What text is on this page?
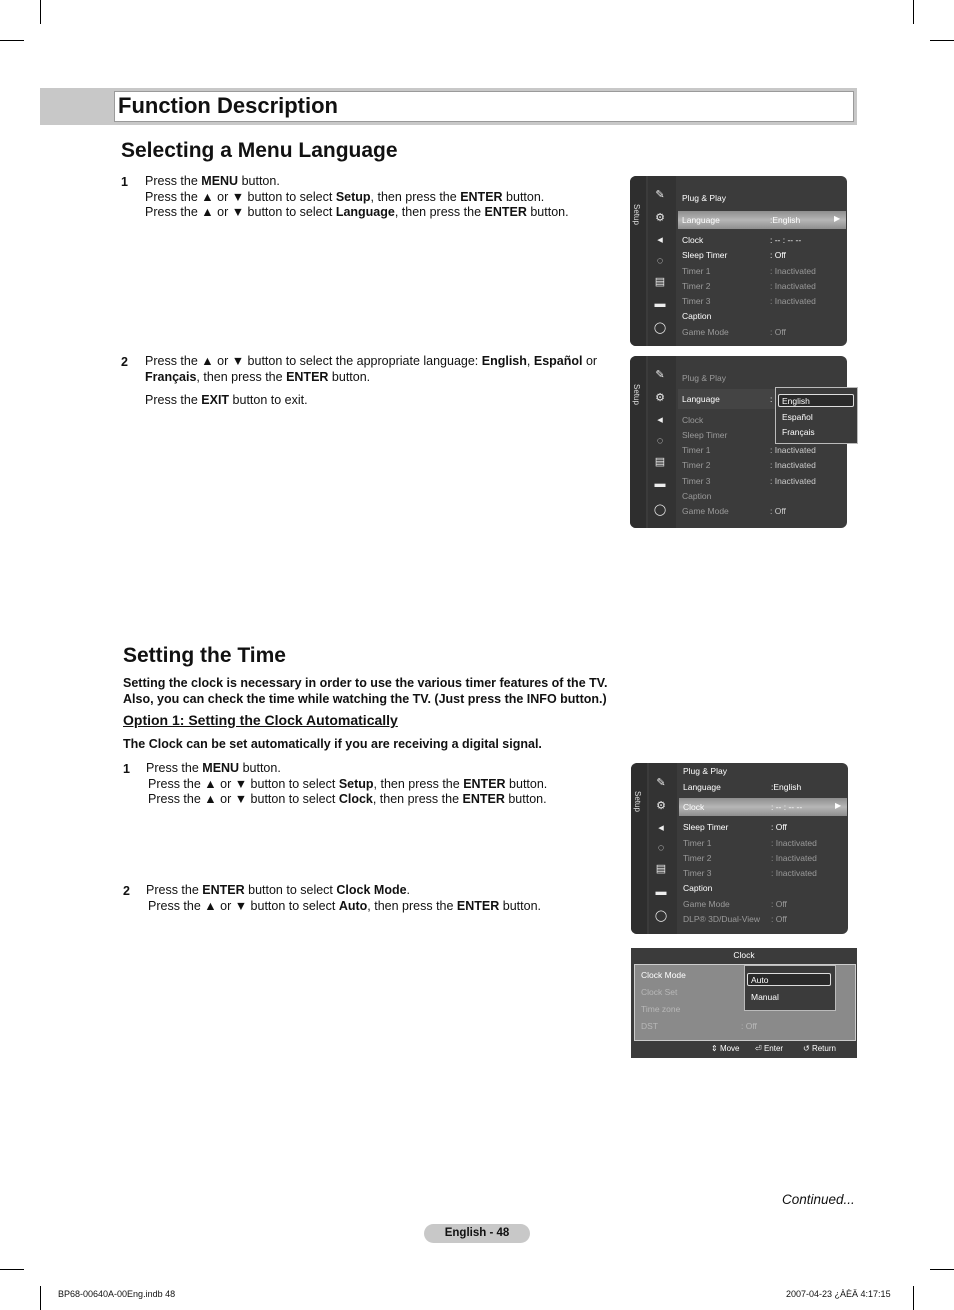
Function Description
Selecting a Menu Language
1 Press the MENU button.
Press the ▲ or ▼ button to select Setup, then press the ENTER button.
Press the ▲ or ▼ button to select Language, then press the ENTER button.
2 Press the ▲ or ▼ button to select the appropriate language: English, Español or
Français, then press the ENTER button.
Press the EXIT button to exit.
Setup
✎
⚙
◂
◌
▤
▬
◯
▶
Plug & Play
Language	:English
Clock	: -- : -- --
Sleep Timer	: Off
Timer 1	: Inactivated
Timer 2	: Inactivated
Timer 3	: Inactivated
Caption
Game Mode	: Off
Setup
✎
⚙
◂
◌
▤
▬
◯
Plug & Play
Language	:
Clock
Sleep Timer
Timer 1	: Inactivated
Timer 2	: Inactivated
Timer 3	: Inactivated
Caption
Game Mode	: Off
English
Español
Français
Setting the Time
Setting the clock is necessary in order to use the various timer features of the TV.
Also, you can check the time while watching the TV. (Just press the INFO button.)
Option 1: Setting the Clock Automatically
The Clock can be set automatically if you are receiving a digital signal.
1 Press the MENU button.
Press the ▲ or ▼ button to select Setup, then press the ENTER button.
Press the ▲ or ▼ button to select Clock, then press the ENTER button.
2 Press the ENTER button to select Clock Mode.
Press the ▲ or ▼ button to select Auto, then press the ENTER button.
Setup
✎
⚙
◂
◌
▤
▬
◯
▶
Plug & Play
Language	:English
Clock	: -- : -- --
Sleep Timer	: Off
Timer 1	: Inactivated
Timer 2	: Inactivated
Timer 3	: Inactivated
Caption
Game Mode	: Off
DLP® 3D/Dual-View : Off
Clock
Clock Mode
Clock Set
Time zone
DST	: Off
Auto
Manual
⇕ Move ⏎ Enter ↺ Return
Continued...
English - 48
BP68-00640A-00Eng.indb 48	2007-04-23 ¿ÀÈÄ 4:17:15
